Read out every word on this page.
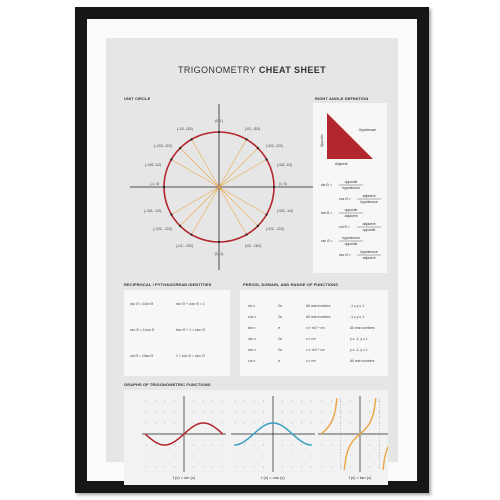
TRIGONOMETRY CHEAT SHEET
UNIT CIRCLE
(0, 1)
(0, -1)
(-1/2, √3/2)
(-√2/2, √2/2)
(-√3/2, 1/2)
(-1, 0)
(-√3/2, -1/2)
(-√2/2, -√2/2)
(-1/2, -√3/2)
(1/2, √3/2)
(√2/2, √2/2)
(√3/2, 1/2)
(1, 0)
(√3/2, -1/2)
(√2/2, -√2/2)
(1/2, -√3/2)
RIGHT ANGLE DEFINITION
Hypotenuse
Opposite
Adjacent
sin Θ =
opposite
hypotenuse
cos Θ =
adjacent
hypotenuse
tan Θ =
opposite
adjacent
cot Θ =
adjacent
opposite
csc Θ =
hypotenuse
opposite
sec Θ =
hypotenuse
adjacent
RECIPROCAL / PYTHAGOREAN IDENTITIES
csc Θ = 1/sin Θ	sin² Θ + cos² Θ = 1
sec Θ = 1/cos Θ	tan² Θ + 1 = sec² Θ
cot Θ = 1/tan Θ	1 + cot² Θ = csc² Θ
PERIOD, DOMAIN, AND RANGE OF FUNCTIONS
sin x	2π	All real numbers	-1 ≤ y ≤ 1
cos x	2π	All real numbers	-1 ≤ y ≤ 1
tan x	π	x ≠ π/2 + nπ	All real numbers
csc x	2π	x ≠ nπ	y ≤ -1, y ≥ 1
sec x	2π	x ≠ π/2 + nπ	y ≤ -1, y ≥ 1
cot x	π	x ≠ nπ	All real numbers
GRAPHS OF TRIGONOMETRIC FUNCTIONS
f (x) = sin (x)	f (x) = cos (x)	f (x) = tan (x)
